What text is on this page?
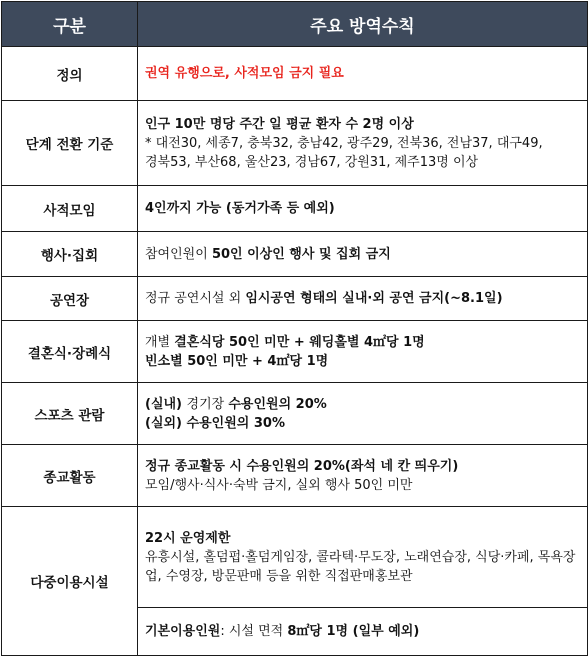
구분	주요 방역수칙
정의	권역 유행으로, 사적모임 금지 필요
단계 전환 기준	인구 10만 명당 주간 일 평균 환자 수 2명 이상
* 대전30, 세종7, 충북32, 충남42, 광주29, 전북36, 전남37, 대구49,
경북53, 부산68, 울산23, 경남67, 강원31, 제주13명 이상

사적모임	4인까지 가능 (동거가족 등 예외)
행사·집회	참여인원이 50인 이상인 행사 및 집회 금지
공연장	정규 공연시설 외 임시공연 형태의 실내·외 공연 금지(~8.1일)
결혼식·장례식	개별 결혼식당 50인 미만 + 웨딩홀별 4㎡당 1명
빈소별 50인 미만 + 4㎡당 1명

스포츠 관람	(실내) 경기장 수용인원의 20%
(실외) 수용인원의 30%

종교활동	정규 종교활동 시 수용인원의 20%(좌석 네 칸 띄우기)
모임/행사·식사·숙박 금지, 실외 행사 50인 미만

다중이용시설	22시 운영제한
유흥시설, 홀덤펍·홀덤게임장, 콜라텍·무도장, 노래연습장, 식당·카페, 목욕장업, 수영장, 방문판매 등을 위한 직접판매홍보관

	기본이용인원: 시설 면적 8㎡당 1명 (일부 예외)
